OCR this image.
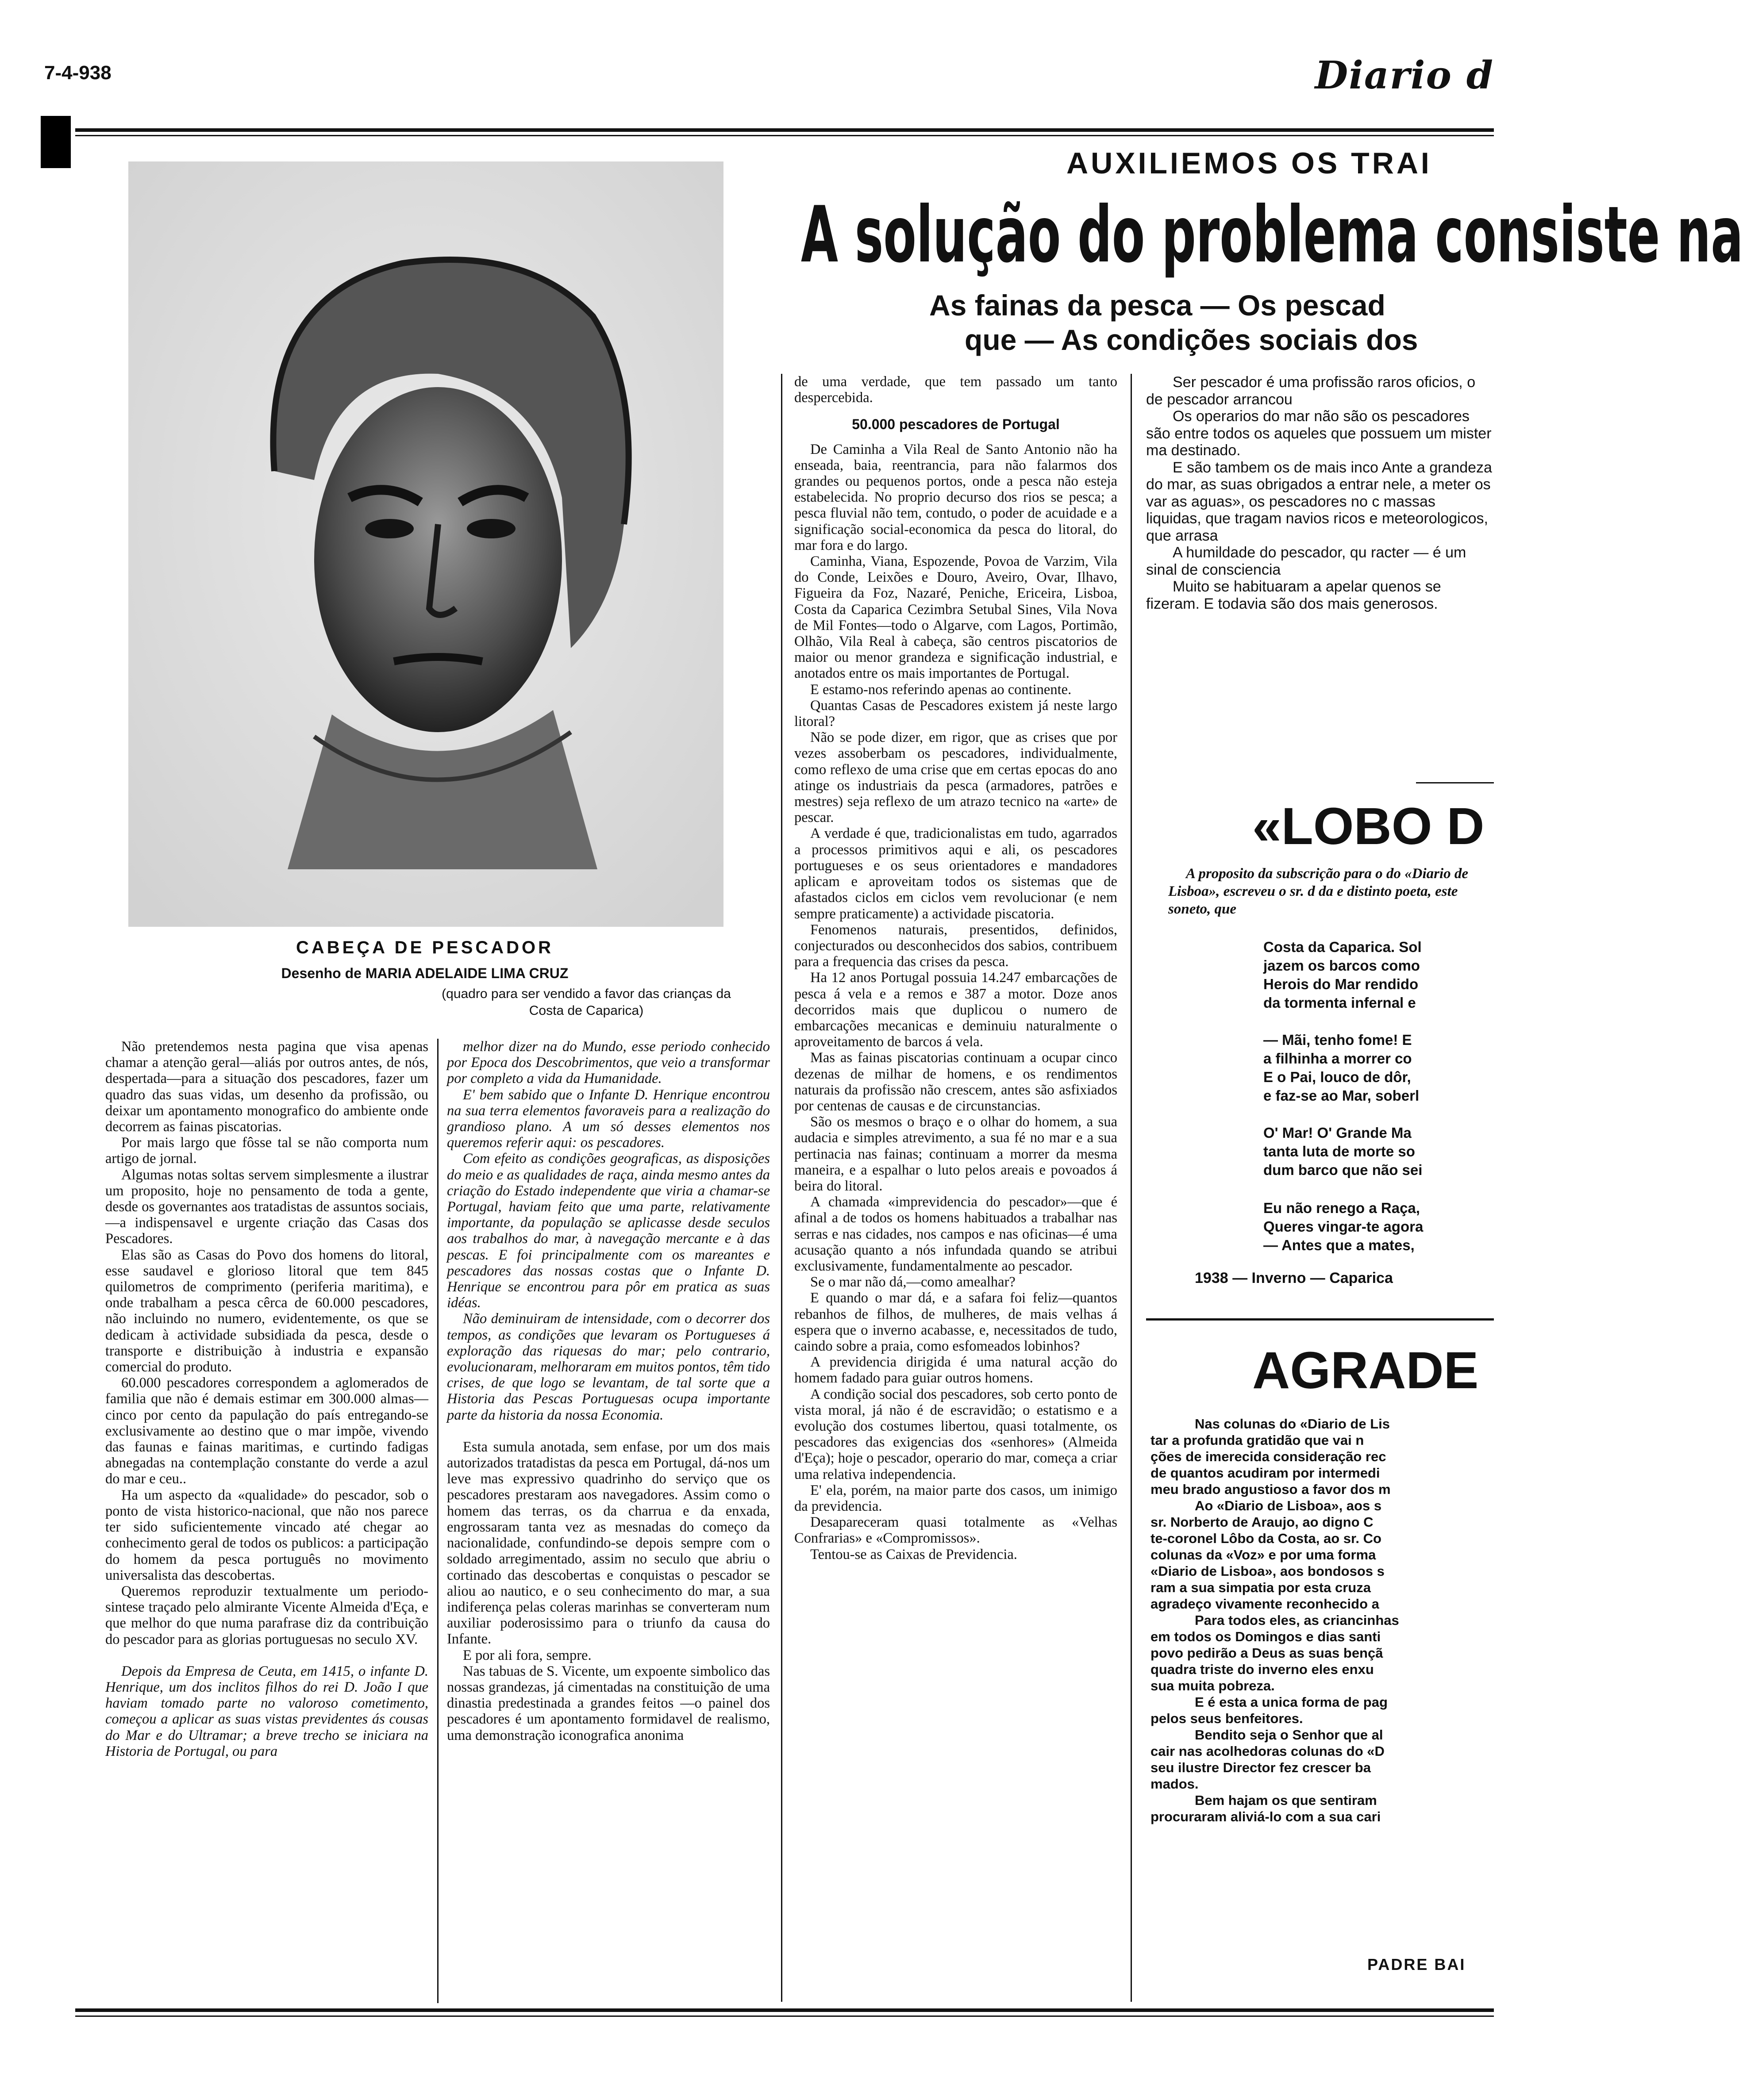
7-4-938	Diario d
CABEÇA DE PESCADOR
Desenho de MARIA ADELAIDE LIMA CRUZ
(quadro para ser vendido a favor das crianças da
Costa de Caparica)
AUXILIEMOS OS TRAI
A solução do problema consiste na
As fainas da pesca — Os pescad
que — As condições sociais dos

Não pretendemos nesta pagina que visa apenas chamar a atenção geral—aliás por outros antes, de nós, despertada—para a situação dos pescadores, fazer um quadro das suas vidas, um desenho da profissão, ou deixar um apontamento monografico do ambiente onde decorrem as fainas piscatorias.

Por mais largo que fôsse tal se não comporta num artigo de jornal.

Algumas notas soltas servem simplesmente a ilustrar um proposito, hoje no pensamento de toda a gente, desde os governantes aos tratadistas de assuntos sociais,—a indispensavel e urgente criação das Casas dos Pescadores.

Elas são as Casas do Povo dos homens do litoral, esse saudavel e glorioso litoral que tem 845 quilometros de comprimento (periferia maritima), e onde trabalham a pesca cêrca de 60.000 pescadores, não incluindo no numero, evidentemente, os que se dedicam à actividade subsidiada da pesca, desde o transporte e distribuição à industria e expansão comercial do produto.

60.000 pescadores correspondem a aglomerados de familia que não é demais estimar em 300.000 almas—cinco por cento da papulação do país entregando-se exclusivamente ao destino que o mar impõe, vivendo das faunas e fainas maritimas, e curtindo fadigas abnegadas na contemplação constante do verde a azul do mar e ceu..

Ha um aspecto da «qualidade» do pescador, sob o ponto de vista historico-nacional, que não nos parece ter sido suficientemente vincado até chegar ao conhecimento geral de todos os publicos: a participação do homem da pesca português no movimento universalista das descobertas.

Queremos reproduzir textualmente um periodo-sintese traçado pelo almirante Vicente Almeida d'Eça, e que melhor do que numa parafrase diz da contribuição do pescador para as glorias portuguesas no seculo XV.

Depois da Empresa de Ceuta, em 1415, o infante D. Henrique, um dos inclitos filhos do rei D. João I que haviam tomado parte no valoroso cometimento, começou a aplicar as suas vistas previdentes ás cousas do Mar e do Ultramar; a breve trecho se iniciara na Historia de Portugal, ou para

melhor dizer na do Mundo, esse periodo conhecido por Epoca dos Descobrimentos, que veio a transformar por completo a vida da Humanidade.

E' bem sabido que o Infante D. Henrique encontrou na sua terra elementos favoraveis para a realização do grandioso plano. A um só desses elementos nos queremos referir aqui: os pescadores.

Com efeito as condições geograficas, as disposições do meio e as qualidades de raça, ainda mesmo antes da criação do Estado independente que viria a chamar-se Portugal, haviam feito que uma parte, relativamente importante, da população se aplicasse desde seculos aos trabalhos do mar, à navegação mercante e à das pescas. E foi principalmente com os mareantes e pescadores das nossas costas que o Infante D. Henrique se encontrou para pôr em pratica as suas idéas.

Não deminuiram de intensidade, com o decorrer dos tempos, as condições que levaram os Portugueses á exploração das riquesas do mar; pelo contrario, evolucionaram, melhoraram em muitos pontos, têm tido crises, de que logo se levantam, de tal sorte que a Historia das Pescas Portuguesas ocupa importante parte da historia da nossa Economia.

Esta sumula anotada, sem enfase, por um dos mais autorizados tratadistas da pesca em Portugal, dá-nos um leve mas expressivo quadrinho do serviço que os pescadores prestaram aos navegadores. Assim como o homem das terras, os da charrua e da enxada, engrossaram tanta vez as mesnadas do começo da nacionalidade, confundindo-se depois sempre com o soldado arregimentado, assim no seculo que abriu o cortinado das descobertas e conquistas o pescador se aliou ao nautico, e o seu conhecimento do mar, a sua indiferença pelas coleras marinhas se converteram num auxiliar poderosissimo para o triunfo da causa do Infante.

E por ali fora, sempre.

Nas tabuas de S. Vicente, um expoente simbolico das nossas grandezas, já cimentadas na constituição de uma dinastia predestinada a grandes feitos —o painel dos pescadores é um apontamento formidavel de realismo, uma demonstração iconografica anonima

de uma verdade, que tem passado um tanto despercebida.

50.000 pescadores de Portugal

De Caminha a Vila Real de Santo Antonio não ha enseada, baia, reentrancia, para não falarmos dos grandes ou pequenos portos, onde a pesca não esteja estabelecida. No proprio decurso dos rios se pesca; a pesca fluvial não tem, contudo, o poder de acuidade e a significação social-economica da pesca do litoral, do mar fora e do largo.

Caminha, Viana, Espozende, Povoa de Varzim, Vila do Conde, Leixões e Douro, Aveiro, Ovar, Ilhavo, Figueira da Foz, Nazaré, Peniche, Ericeira, Lisboa, Costa da Caparica Cezimbra Setubal Sines, Vila Nova de Mil Fontes—todo o Algarve, com Lagos, Portimão, Olhão, Vila Real à cabeça, são centros piscatorios de maior ou menor grandeza e significação industrial, e anotados entre os mais importantes de Portugal.

E estamo-nos referindo apenas ao continente.

Quantas Casas de Pescadores existem já neste largo litoral?

Não se pode dizer, em rigor, que as crises que por vezes assoberbam os pescadores, individualmente, como reflexo de uma crise que em certas epocas do ano atinge os industriais da pesca (armadores, patrões e mestres) seja reflexo de um atrazo tecnico na «arte» de pescar.

A verdade é que, tradicionalistas em tudo, agarrados a processos primitivos aqui e ali, os pescadores portugueses e os seus orientadores e mandadores aplicam e aproveitam todos os sistemas que de afastados ciclos em ciclos vem revolucionar (e nem sempre praticamente) a actividade piscatoria.

Fenomenos naturais, presentidos, definidos, conjecturados ou desconhecidos dos sabios, contribuem para a frequencia das crises da pesca.

Ha 12 anos Portugal possuia 14.247 embarcações de pesca á vela e a remos e 387 a motor. Doze anos decorridos mais que duplicou o numero de embarcações mecanicas e deminuiu naturalmente o aproveitamento de barcos á vela.

Mas as fainas piscatorias continuam a ocupar cinco dezenas de milhar de homens, e os rendimentos naturais da profissão não crescem, antes são asfixiados por centenas de causas e de circunstancias.

São os mesmos o braço e o olhar do homem, a sua audacia e simples atrevimento, a sua fé no mar e a sua pertinacia nas fainas; continuam a morrer da mesma maneira, e a espalhar o luto pelos areais e povoados á beira do litoral.

A chamada «imprevidencia do pescador»—que é afinal a de todos os homens habituados a trabalhar nas serras e nas cidades, nos campos e nas oficinas—é uma acusação quanto a nós infundada quando se atribui exclusivamente, fundamentalmente ao pescador.

Se o mar não dá,—como amealhar?

E quando o mar dá, e a safara foi feliz—quantos rebanhos de filhos, de mulheres, de mais velhas á espera que o inverno acabasse, e, necessitados de tudo, caindo sobre a praia, como esfomeados lobinhos?

A previdencia dirigida é uma natural acção do homem fadado para guiar outros homens.

A condição social dos pescadores, sob certo ponto de vista moral, já não é de escravidão; o estatismo e a evolução dos costumes libertou, quasi totalmente, os pescadores das exigencias dos «senhores» (Almeida d'Eça); hoje o pescador, operario do mar, começa a criar uma relativa independencia.

E' ela, porém, na maior parte dos casos, um inimigo da previdencia.

Desapareceram quasi totalmente as «Velhas Confrarias» e «Compromissos».

Tentou-se as Caixas de Previdencia.

Ser pescador é uma profissão raros oficios, o de pescador arrancou

Os operarios do mar não são os pescadores são entre todos os aqueles que possuem um mister ma destinado.

E são tambem os de mais inco Ante a grandeza do mar, as suas obrigados a entrar nele, a meter os var as aguas», os pescadores no c massas liquidas, que tragam navios ricos e meteorologicos, que arrasa

A humildade do pescador, qu racter — é um sinal de consciencia

Muito se habituaram a apelar quenos se fizeram. E todavia são dos mais generosos.

«LOBO D
A proposito da subscrição para o do «Diario de Lisboa», escreveu o sr. d da e distinto poeta, este soneto, que
Costa da Caparica. Sol
jazem os barcos como
Herois do Mar rendido
da tormenta infernal e
— Mãi, tenho fome! E
a filhinha a morrer co
E o Pai, louco de dôr,
e faz-se ao Mar, soberl
O' Mar! O' Grande Ma
tanta luta de morte so
dum barco que não sei
Eu não renego a Raça,
Queres vingar-te agora
— Antes que a mates,
1938 — Inverno — Caparica
AGRADE
Nas colunas do «Diario de Lis
tar a profunda gratidão que vai n
ções de imerecida consideração rec
de quantos acudiram por intermedi
meu brado angustioso a favor dos m
Ao «Diario de Lisboa», aos s
sr. Norberto de Araujo, ao digno C
te-coronel Lôbo da Costa, ao sr. Co
colunas da «Voz» e por uma forma
«Diario de Lisboa», aos bondosos s
ram a sua simpatia por esta cruza
agradeço vivamente reconhecido a
Para todos eles, as criancinhas
em todos os Domingos e dias santi
povo pedirão a Deus as suas bençã
quadra triste do inverno eles enxu
sua muita pobreza.
E é esta a unica forma de pag
pelos seus benfeitores.
Bendito seja o Senhor que al
cair nas acolhedoras colunas do «D
seu ilustre Director fez crescer ba
mados.
Bem hajam os que sentiram
procuraram aliviá-lo com a sua cari
PADRE BAI
